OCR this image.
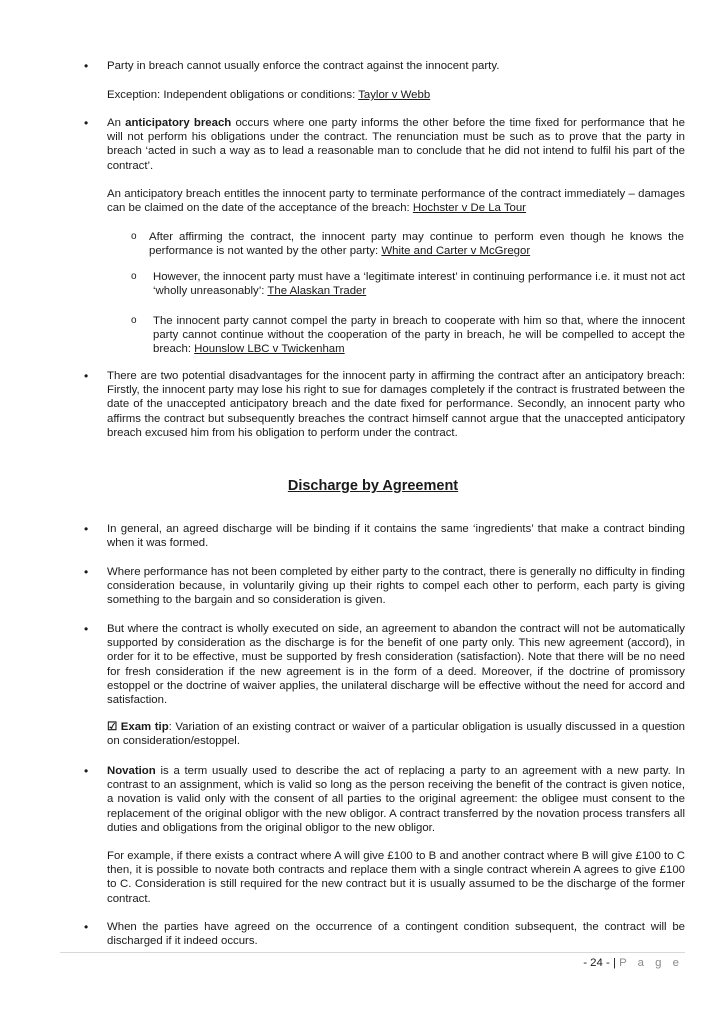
• Party in breach cannot usually enforce the contract against the innocent party.
Exception: Independent obligations or conditions: Taylor v Webb
• An anticipatory breach occurs where one party informs the other before the time fixed for performance that he will not perform his obligations under the contract. The renunciation must be such as to prove that the party in breach ‘acted in such a way as to lead a reasonable man to conclude that he did not intend to fulfil his part of the contract’.
An anticipatory breach entitles the innocent party to terminate performance of the contract immediately – damages can be claimed on the date of the acceptance of the breach: Hochster v De La Tour
o After affirming the contract, the innocent party may continue to perform even though he knows the performance is not wanted by the other party: White and Carter v McGregor
o However, the innocent party must have a ‘legitimate interest’ in continuing performance i.e. it must not act ‘wholly unreasonably’: The Alaskan Trader
o The innocent party cannot compel the party in breach to cooperate with him so that, where the innocent party cannot continue without the cooperation of the party in breach, he will be compelled to accept the breach: Hounslow LBC v Twickenham
• There are two potential disadvantages for the innocent party in affirming the contract after an anticipatory breach: Firstly, the innocent party may lose his right to sue for damages completely if the contract is frustrated between the date of the unaccepted anticipatory breach and the date fixed for performance. Secondly, an innocent party who affirms the contract but subsequently breaches the contract himself cannot argue that the unaccepted anticipatory breach excused him from his obligation to perform under the contract.
Discharge by Agreement
• In general, an agreed discharge will be binding if it contains the same ‘ingredients’ that make a contract binding when it was formed.
• Where performance has not been completed by either party to the contract, there is generally no difficulty in finding consideration because, in voluntarily giving up their rights to compel each other to perform, each party is giving something to the bargain and so consideration is given.
• But where the contract is wholly executed on side, an agreement to abandon the contract will not be automatically supported by consideration as the discharge is for the benefit of one party only. This new agreement (accord), in order for it to be effective, must be supported by fresh consideration (satisfaction). Note that there will be no need for fresh consideration if the new agreement is in the form of a deed. Moreover, if the doctrine of promissory estoppel or the doctrine of waiver applies, the unilateral discharge will be effective without the need for accord and satisfaction.
☑ Exam tip: Variation of an existing contract or waiver of a particular obligation is usually discussed in a question on consideration/estoppel.
• Novation is a term usually used to describe the act of replacing a party to an agreement with a new party. In contrast to an assignment, which is valid so long as the person receiving the benefit of the contract is given notice, a novation is valid only with the consent of all parties to the original agreement: the obligee must consent to the replacement of the original obligor with the new obligor. A contract transferred by the novation process transfers all duties and obligations from the original obligor to the new obligor.
For example, if there exists a contract where A will give £100 to B and another contract where B will give £100 to C then, it is possible to novate both contracts and replace them with a single contract wherein A agrees to give £100 to C. Consideration is still required for the new contract but it is usually assumed to be the discharge of the former contract.
• When the parties have agreed on the occurrence of a contingent condition subsequent, the contract will be discharged if it indeed occurs.
- 24 - | P a g e
